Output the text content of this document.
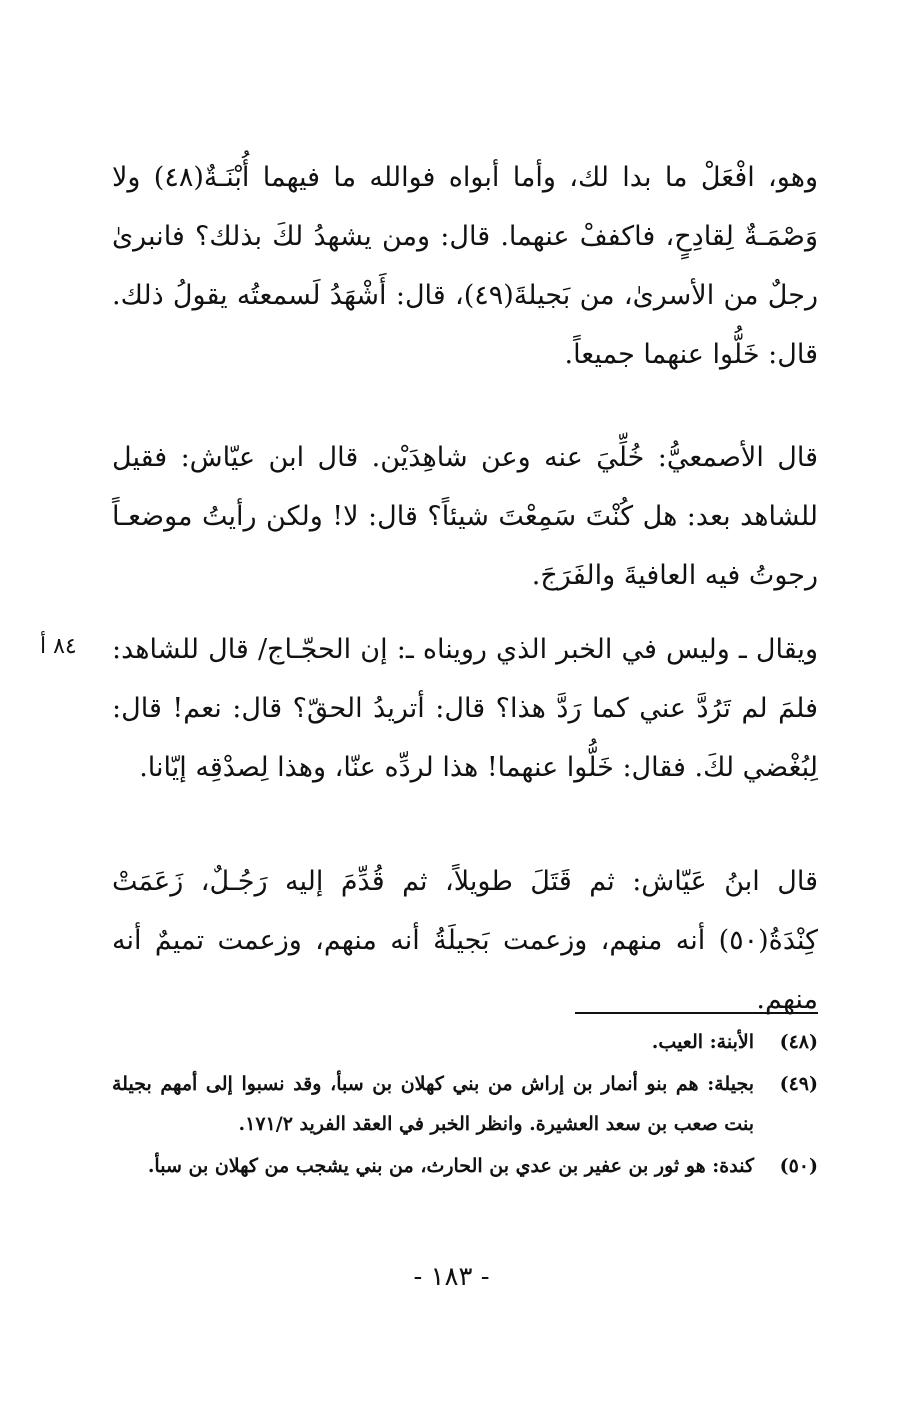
وهو، افْعَلْ ما بدا لك، وأما أبواه فوالله ما فيهما أُبْنَـةٌ(٤٨) ولا وَصْمَـةٌ لِقادِحٍ، فاكففْ عنهما. قال: ومن يشهدُ لكَ بذلك؟ فانبرىٰ رجلٌ من الأسرىٰ، من بَجيلةَ(٤٩)، قال: أَشْهَدُ لَسمعتُه يقولُ ذلك. قال: خَلُّوا عنهما جميعاً.

قال الأصمعيُّ: خُلِّيَ عنه وعن شاهِدَيْن. قال ابن عيّاش: فقيل للشاهد بعد: هل كُنْتَ سَمِعْتَ شيئاً؟ قال: لا! ولكن رأيتُ موضعـاً رجوتُ فيه العافيةَ والفَرَجَ.

ويقال ـ وليس في الخبر الذي رويناه ـ: إن الحجّـاج/ قال للشاهد: فلمَ لم تَرُدَّ عني كما رَدَّ هذا؟ قال: أتريدُ الحقّ؟ قال: نعم! قال: لِبُغْضي لكَ. فقال: خَلُّوا عنهما! هذا لردِّه عنّا، وهذا لِصدْقِه إيّانا.

٨٤ أ

قال ابنُ عَيّاش: ثم قَتَلَ طويلاً، ثم قُدِّمَ إليه رَجُـلٌ، زَعَمَتْ كِنْدَةُ(٥٠) أنه منهم، وزعمت بَجيلَةُ أنه منهم، وزعمت تميمٌ أنه منهم.

(٤٨)
الأبنة: العيب.
(٤٩)
بجيلة: هم بنو أنمار بن إراش من بني كهلان بن سبأ، وقد نسبوا إلى أمهم بجيلة بنت صعب بن سعد العشيرة. وانظر الخبر في العقد الفريد ١٧١/٢.
(٥٠)
كندة: هو ثور بن عفير بن عدي بن الحارث، من بني يشجب من كهلان بن سبأ.
- ١٨٣ -
